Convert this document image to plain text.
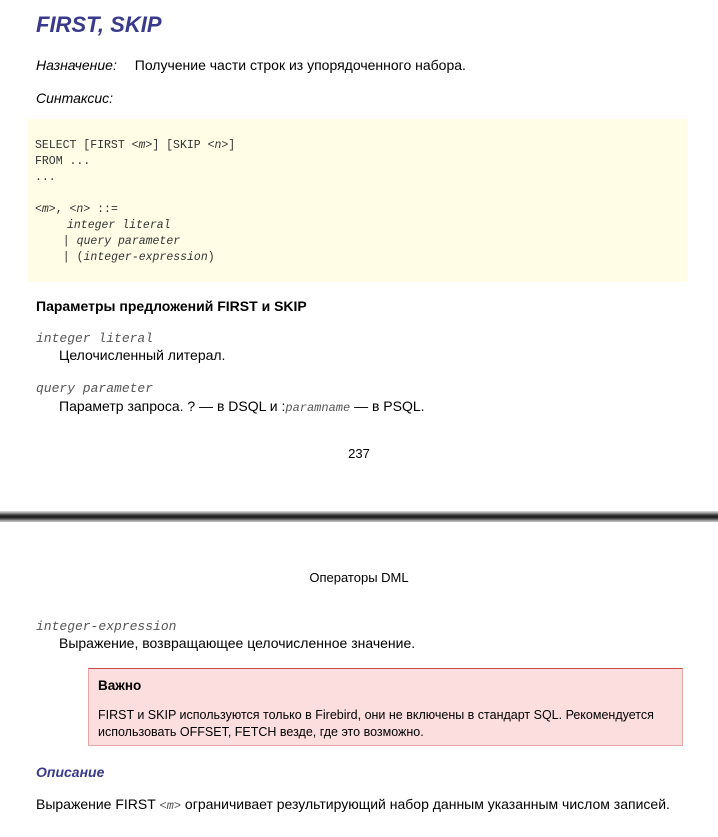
FIRST, SKIP
Назначение: Получение части строк из упорядоченного набора.
Синтаксис:
SELECT [FIRST <m>] [SKIP <n>]
FROM ...
...
<m>, <n> ::=
integer literal
| query parameter
| (integer-expression)
Параметры предложений FIRST и SKIP
integer literal
Целочисленный литерал.
query parameter
Параметр запроса. ? — в DSQL и :paramname — в PSQL.
237
Операторы DML
integer-expression
Выражение, возвращающее целочисленное значение.
Важно
FIRST и SKIP используются только в Firebird, они не включены в стандарт SQL. Рекомендуется использовать OFFSET, FETCH везде, где это возможно.
Описание
Выражение FIRST <m> ограничивает результирующий набор данным указанным числом записей.
